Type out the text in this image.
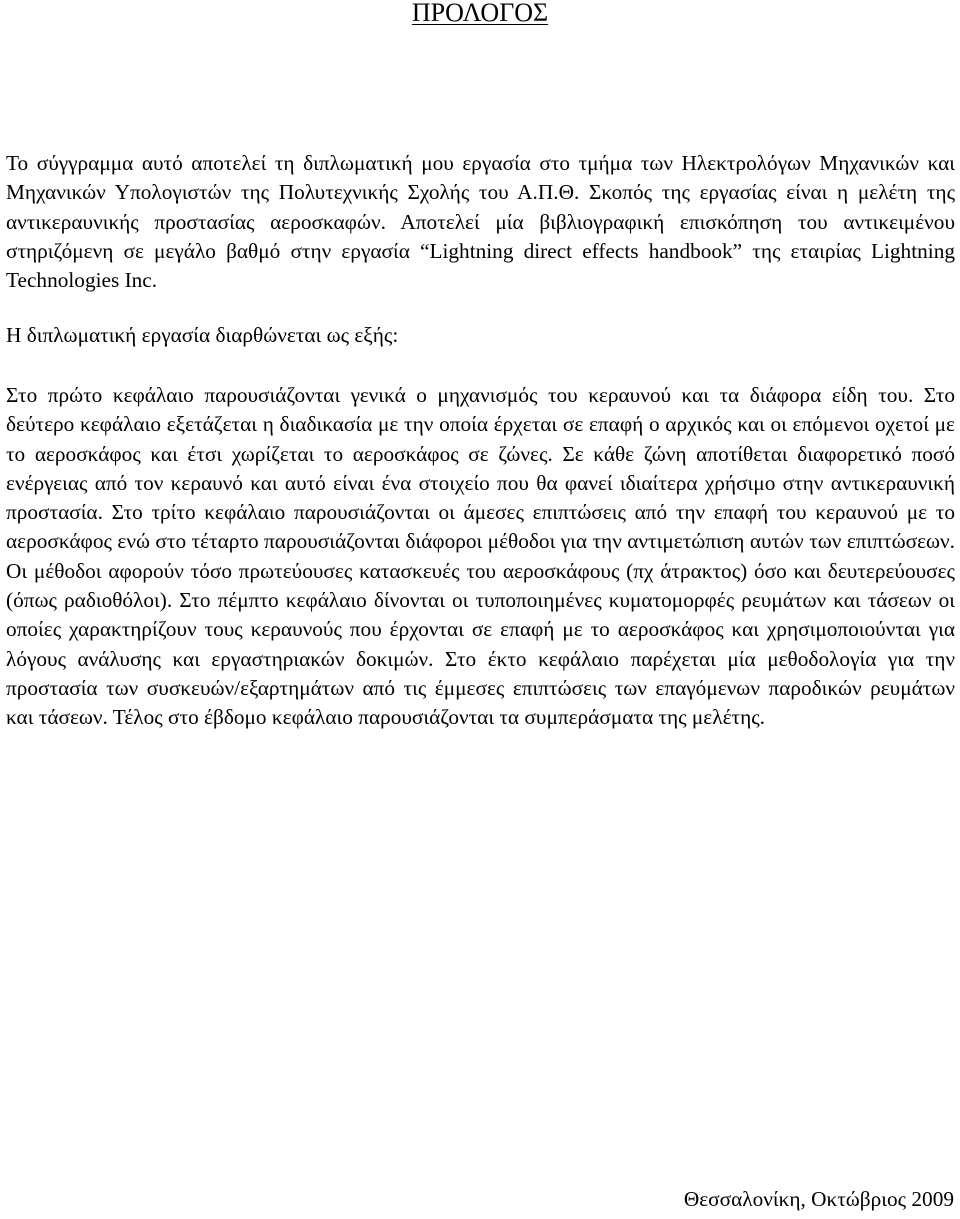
ΠΡΟΛΟΓΟΣ

Το σύγγραμμα αυτό αποτελεί τη διπλωματική μου εργασία στο τμήμα των Ηλεκτρολόγων Μηχανικών και Μηχανικών Υπολογιστών της Πολυτεχνικής Σχολής του Α.Π.Θ. Σκοπός της εργασίας είναι η μελέτη της αντικεραυνικής προστασίας αεροσκαφών. Αποτελεί μία βιβλιογραφική επισκόπηση του αντικειμένου στηριζόμενη σε μεγάλο βαθμό στην εργασία “Lightning direct effects handbook” της εταιρίας Lightning Technologies Inc.

Η διπλωματική εργασία διαρθώνεται ως εξής:

Στο πρώτο κεφάλαιο παρουσιάζονται γενικά ο μηχανισμός του κεραυνού και τα διάφορα είδη του. Στο δεύτερο κεφάλαιο εξετάζεται η διαδικασία με την οποία έρχεται σε επαφή ο αρχικός και οι επόμενοι οχετοί με το αεροσκάφος και έτσι χωρίζεται το αεροσκάφος σε ζώνες. Σε κάθε ζώνη αποτίθεται διαφορετικό ποσό ενέργειας από τον κεραυνό και αυτό είναι ένα στοιχείο που θα φανεί ιδιαίτερα χρήσιμο στην αντικεραυνική προστασία. Στο τρίτο κεφάλαιο παρουσιάζονται οι άμεσες επιπτώσεις από την επαφή του κεραυνού με το αεροσκάφος ενώ στο τέταρτο παρουσιάζονται διάφοροι μέθοδοι για την αντιμετώπιση αυτών των επιπτώσεων. Οι μέθοδοι αφορούν τόσο πρωτεύουσες κατασκευές του αεροσκάφους (πχ άτρακτος) όσο και δευτερεύουσες (όπως ραδιοθόλοι). Στο πέμπτο κεφάλαιο δίνονται οι τυποποιημένες κυματομορφές ρευμάτων και τάσεων οι οποίες χαρακτηρίζουν τους κεραυνούς που έρχονται σε επαφή με το αεροσκάφος και χρησιμοποιούνται για λόγους ανάλυσης και εργαστηριακών δοκιμών. Στο έκτο κεφάλαιο παρέχεται μία μεθοδολογία για την προστασία των συσκευών/εξαρτημάτων από τις έμμεσες επιπτώσεις των επαγόμενων παροδικών ρευμάτων και τάσεων. Τέλος στο έβδομο κεφάλαιο παρουσιάζονται τα συμπεράσματα της μελέτης.

Θεσσαλονίκη, Οκτώβριος 2009
